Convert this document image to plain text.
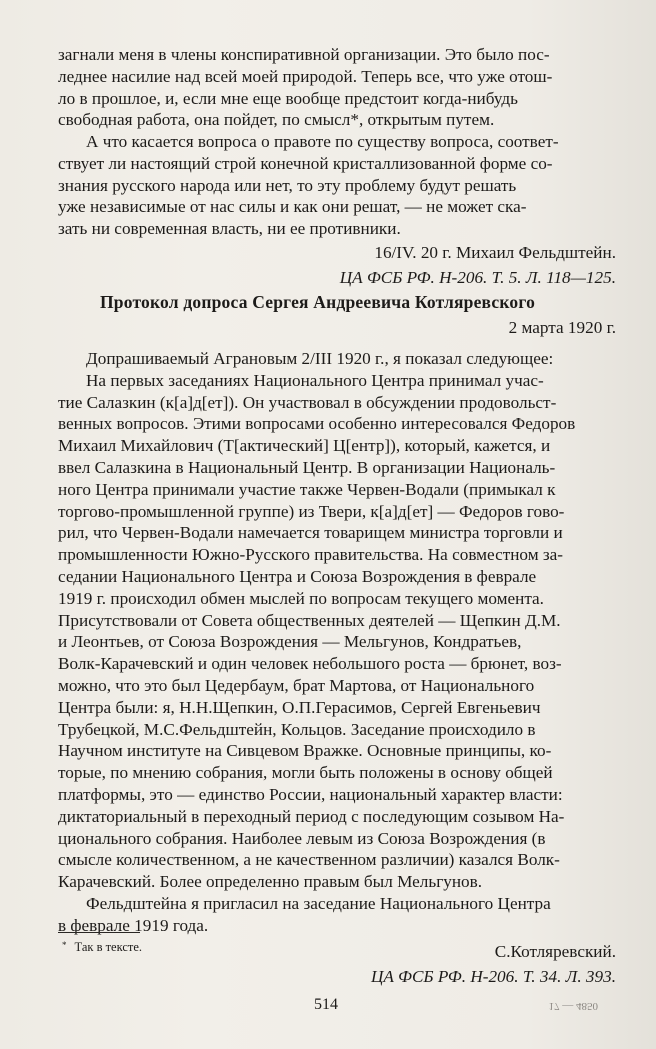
загнали меня в члены конспиративной организации. Это было пос-
леднее насилие над всей моей природой. Теперь все, что уже отош-
ло в прошлое, и, если мне еще вообще предстоит когда-нибудь
свободная работа, она пойдет, по смысл*, открытым путем.
А что касается вопроса о правоте по существу вопроса, соответ-
ствует ли настоящий строй конечной кристаллизованной форме со-
знания русского народа или нет, то эту проблему будут решать
уже независимые от нас силы и как они решат, — не может ска-
зать ни современная власть, ни ее противники.
16/IV. 20 г. Михаил Фельдштейн.
ЦА ФСБ РФ. Н-206. Т. 5. Л. 118—125.
Протокол допроса Сергея Андреевича Котляревского
2 марта 1920 г.
Допрашиваемый Аграновым 2/III 1920 г., я показал следующее:
На первых заседаниях Национального Центра принимал учас-
тие Салазкин (к[а]д[ет]). Он участвовал в обсуждении продовольст-
венных вопросов. Этими вопросами особенно интересовался Федоров
Михаил Михайлович (Т[актический] Ц[ентр]), который, кажется, и
ввел Салазкина в Национальный Центр. В организации Националь-
ного Центра принимали участие также Червен-Водали (примыкал к
торгово-промышленной группе) из Твери, к[а]д[ет] — Федоров гово-
рил, что Червен-Водали намечается товарищем министра торговли и
промышленности Южно-Русского правительства. На совместном за-
седании Национального Центра и Союза Возрождения в феврале
1919 г. происходил обмен мыслей по вопросам текущего момента.
Присутствовали от Совета общественных деятелей — Щепкин Д.М.
и Леонтьев, от Союза Возрождения — Мельгунов, Кондратьев,
Волк-Карачевский и один человек небольшого роста — брюнет, воз-
можно, что это был Цедербаум, брат Мартова, от Национального
Центра были: я, Н.Н.Щепкин, О.П.Герасимов, Сергей Евгеньевич
Трубецкой, М.С.Фельдштейн, Кольцов. Заседание происходило в
Научном институте на Сивцевом Вражке. Основные принципы, ко-
торые, по мнению собрания, могли быть положены в основу общей
платформы, это — единство России, национальный характер власти:
диктаториальный в переходный период с последующим созывом На-
ционального собрания. Наиболее левым из Союза Возрождения (в
смысле количественном, а не качественном различии) казался Волк-
Карачевский. Более определенно правым был Мельгунов.
Фельдштейна я пригласил на заседание Национального Центра
в феврале 1919 года.
С.Котляревский.
ЦА ФСБ РФ. Н-206. Т. 34. Л. 393.
* Так в тексте.
514	17 — 4850
